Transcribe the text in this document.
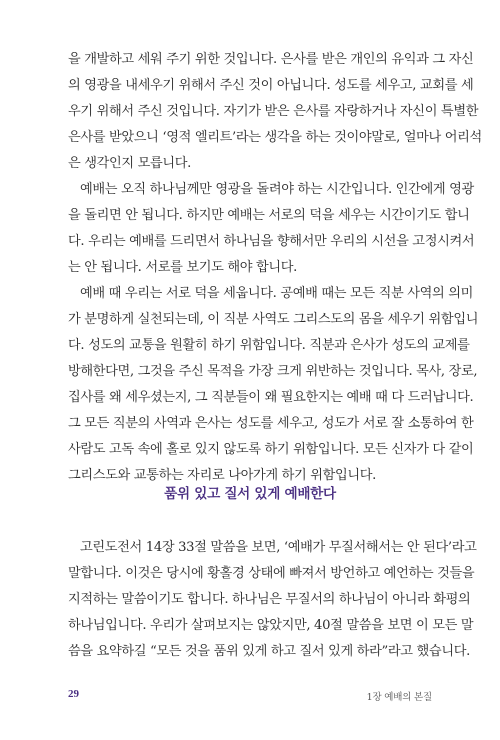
을 개발하고 세워 주기 위한 것입니다. 은사를 받은 개인의 유익과 그 자신
의 영광을 내세우기 위해서 주신 것이 아닙니다. 성도를 세우고, 교회를 세
우기 위해서 주신 것입니다. 자기가 받은 은사를 자랑하거나 자신이 특별한
은사를 받았으니 ‘영적 엘리트’라는 생각을 하는 것이야말로, 얼마나 어리석
은 생각인지 모릅니다.
예배는 오직 하나님께만 영광을 돌려야 하는 시간입니다. 인간에게 영광
을 돌리면 안 됩니다. 하지만 예배는 서로의 덕을 세우는 시간이기도 합니
다. 우리는 예배를 드리면서 하나님을 향해서만 우리의 시선을 고정시켜서
는 안 됩니다. 서로를 보기도 해야 합니다.
예배 때 우리는 서로 덕을 세웁니다. 공예배 때는 모든 직분 사역의 의미
가 분명하게 실천되는데, 이 직분 사역도 그리스도의 몸을 세우기 위함입니
다. 성도의 교통을 원활히 하기 위함입니다. 직분과 은사가 성도의 교제를
방해한다면, 그것을 주신 목적을 가장 크게 위반하는 것입니다. 목사, 장로,
집사를 왜 세우셨는지, 그 직분들이 왜 필요한지는 예배 때 다 드러납니다.
그 모든 직분의 사역과 은사는 성도를 세우고, 성도가 서로 잘 소통하여 한
사람도 고독 속에 홀로 있지 않도록 하기 위함입니다. 모든 신자가 다 같이
그리스도와 교통하는 자리로 나아가게 하기 위함입니다.
품위 있고 질서 있게 예배한다
고린도전서 14장 33절 말씀을 보면, ‘예배가 무질서해서는 안 된다’라고
말합니다. 이것은 당시에 황홀경 상태에 빠져서 방언하고 예언하는 것들을
지적하는 말씀이기도 합니다. 하나님은 무질서의 하나님이 아니라 화평의
하나님입니다. 우리가 살펴보지는 않았지만, 40절 말씀을 보면 이 모든 말
씀을 요약하길 “모든 것을 품위 있게 하고 질서 있게 하라”라고 했습니다.
29	1장 예배의 본질
